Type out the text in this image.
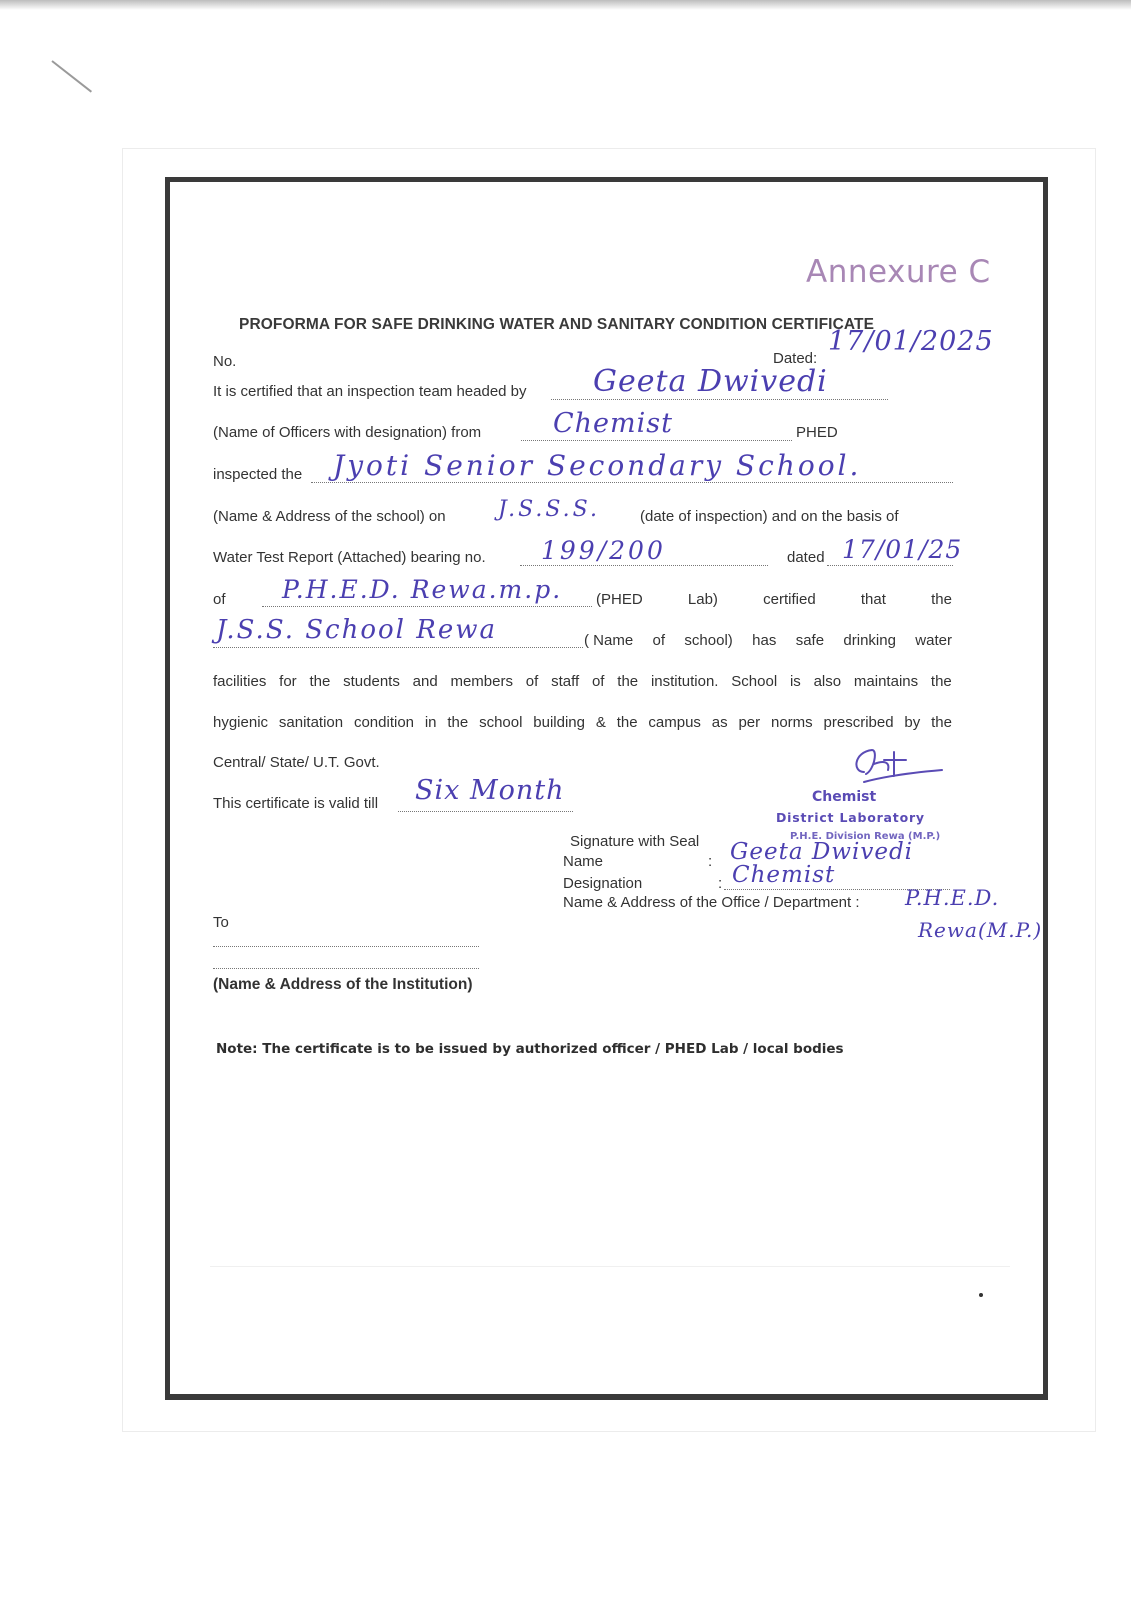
Annexure C
PROFORMA FOR SAFE DRINKING WATER AND SANITARY CONDITION CERTIFICATE
No.	Dated:
17/01/2025
It is certified that an inspection team headed by Geeta Dwivedi
(Name of Officers with designation) from	Chemist	PHED
inspected the Jyoti Senior Secondary School.
(Name & Address of the school) on J.S.S.S.	(date of inspection) and on the basis of
Water Test Report (Attached) bearing no. 199/200	dated 17/01/25
of P.H.E.D. Rewa.m.p. (PHED	Lab)	certified	that	the
J.S.S. School Rewa	( Name of school) has safe drinking water
facilities for the students and members of staff of the institution. School is also maintains the
hygienic sanitation condition in the school building & the campus as per norms prescribed by the
Central/ State/ U.T. Govt.
This certificate is valid till Six Month	Chemist
District Laboratory
P.H.E. Division Rewa (M.P.)
Signature with Seal
Name	: Geeta Dwivedi
Designation	: Chemist
Name & Address of the Office / Department : P.H.E.D.
Rewa(M.P.)
To
(Name & Address of the Institution)
Note: The certificate is to be issued by authorized officer / PHED Lab / local bodies
